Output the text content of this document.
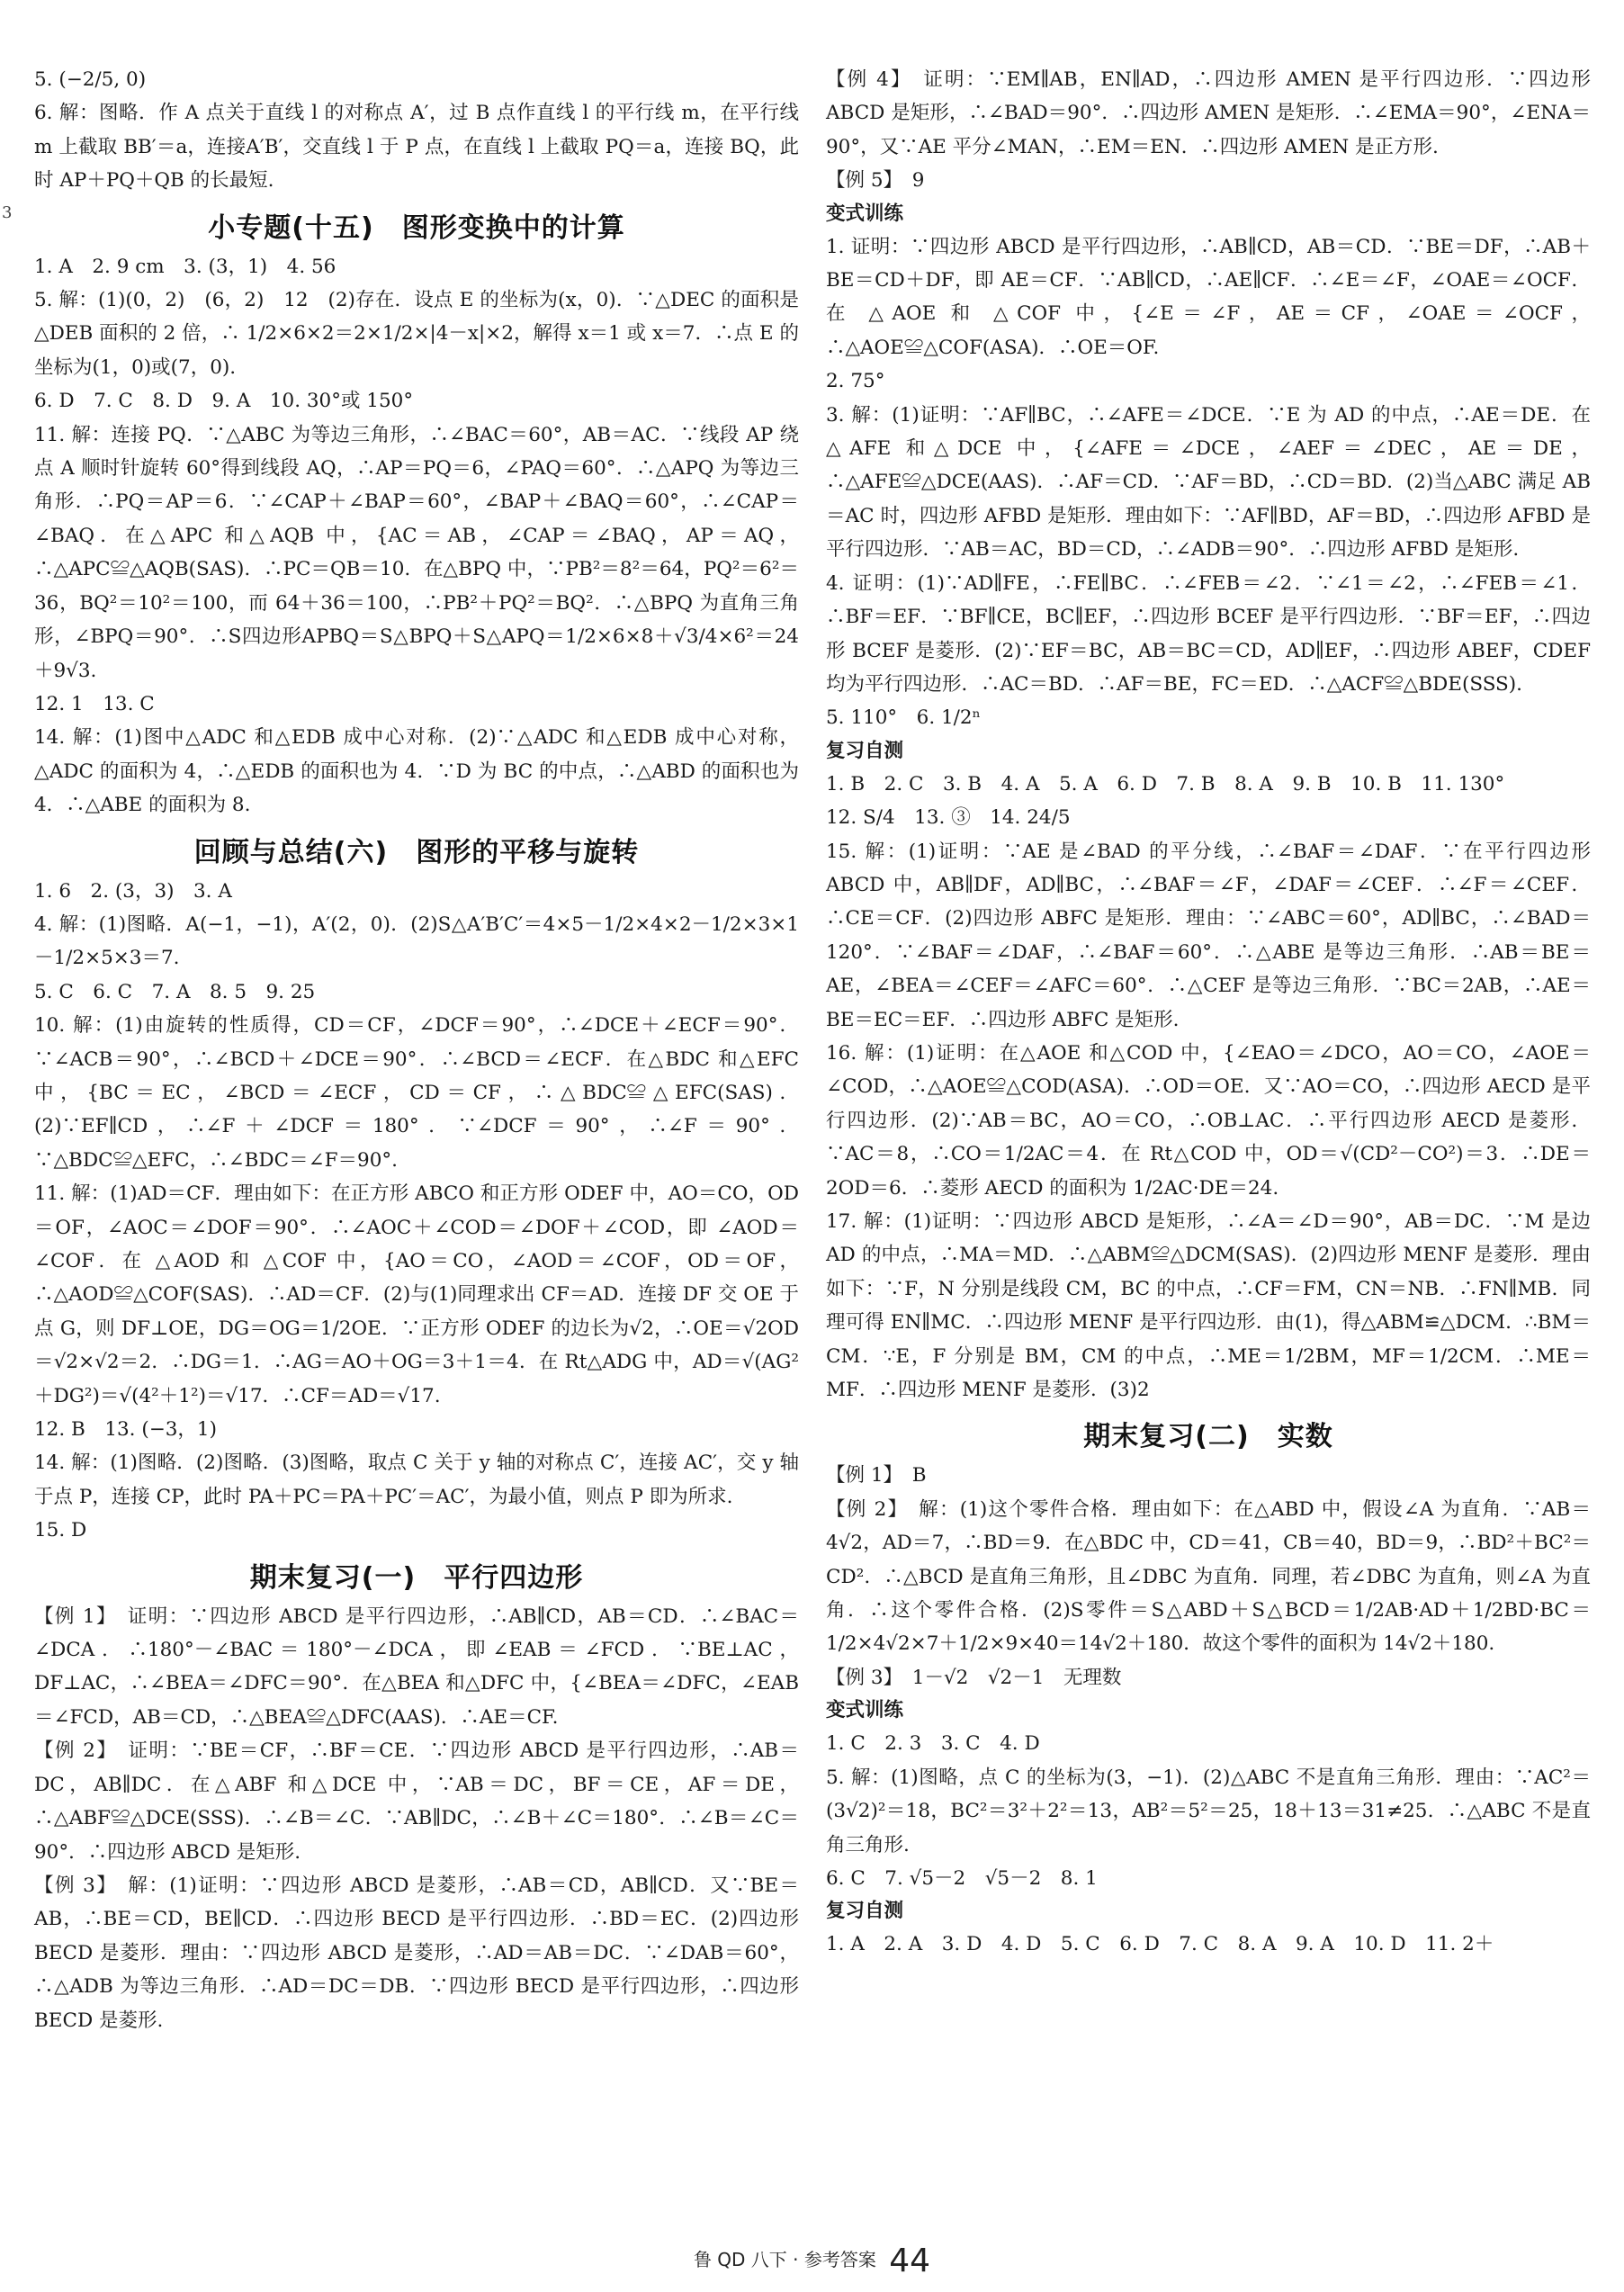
3

5. (−2/5, 0)

6. 解：图略．作 A 点关于直线 l 的对称点 A′，过 B 点作直线 l 的平行线 m，在平行线 m 上截取 BB′＝a，连接A′B′，交直线 l 于 P 点，在直线 l 上截取 PQ＝a，连接 BQ，此时 AP＋PQ＋QB 的长最短.

小专题(十五)　图形变换中的计算

1. A　2. 9 cm　3. (3，1)　4. 56

5. 解：(1)(0，2)　(6，2)　12　(2)存在．设点 E 的坐标为(x，0)．∵△DEC 的面积是△DEB 面积的 2 倍，∴ 1/2×6×2＝2×1/2×|4－x|×2，解得 x＝1 或 x＝7．∴点 E 的坐标为(1，0)或(7，0).

6. D　7. C　8. D　9. A　10. 30°或 150°

11. 解：连接 PQ．∵△ABC 为等边三角形，∴∠BAC＝60°，AB＝AC．∵线段 AP 绕点 A 顺时针旋转 60°得到线段 AQ，∴AP＝PQ＝6，∠PAQ＝60°．∴△APQ 为等边三角形．∴PQ＝AP＝6．∵∠CAP＋∠BAP＝60°，∠BAP＋∠BAQ＝60°，∴∠CAP＝∠BAQ．在△APC 和△AQB 中，{AC＝AB，∠CAP＝∠BAQ，AP＝AQ，∴△APC≌△AQB(SAS)．∴PC＝QB＝10．在△BPQ 中，∵PB²＝8²＝64，PQ²＝6²＝36，BQ²＝10²＝100，而 64＋36＝100，∴PB²＋PQ²＝BQ²．∴△BPQ 为直角三角形，∠BPQ＝90°．∴S四边形APBQ＝S△BPQ＋S△APQ＝1/2×6×8＋√3/4×6²＝24＋9√3.

12. 1　13. C

14. 解：(1)图中△ADC 和△EDB 成中心对称．(2)∵△ADC 和△EDB 成中心对称，△ADC 的面积为 4，∴△EDB 的面积也为 4．∵D 为 BC 的中点，∴△ABD 的面积也为 4．∴△ABE 的面积为 8.

回顾与总结(六)　图形的平移与旋转

1. 6　2. (3，3)　3. A

4. 解：(1)图略．A(−1，−1)，A′(2，0)．(2)S△A′B′C′＝4×5－1/2×4×2－1/2×3×1－1/2×5×3＝7.

5. C　6. C　7. A　8. 5　9. 25

10. 解：(1)由旋转的性质得，CD＝CF，∠DCF＝90°，∴∠DCE＋∠ECF＝90°．∵∠ACB＝90°，∴∠BCD＋∠DCE＝90°．∴∠BCD＝∠ECF．在△BDC 和△EFC 中，{BC＝EC，∠BCD＝∠ECF，CD＝CF，∴△BDC≌△EFC(SAS)．(2)∵EF∥CD，∴∠F＋∠DCF＝180°．∵∠DCF＝90°，∴∠F＝90°．∵△BDC≌△EFC，∴∠BDC＝∠F＝90°.

11. 解：(1)AD＝CF．理由如下：在正方形 ABCO 和正方形 ODEF 中，AO＝CO，OD＝OF，∠AOC＝∠DOF＝90°．∴∠AOC＋∠COD＝∠DOF＋∠COD，即 ∠AOD＝∠COF．在 △AOD 和 △COF 中，{AO＝CO，∠AOD＝∠COF，OD＝OF，∴△AOD≌△COF(SAS)．∴AD＝CF．(2)与(1)同理求出 CF＝AD．连接 DF 交 OE 于点 G，则 DF⊥OE，DG＝OG＝1/2OE．∵正方形 ODEF 的边长为√2，∴OE＝√2OD＝√2×√2＝2．∴DG＝1．∴AG＝AO＋OG＝3＋1＝4．在 Rt△ADG 中，AD＝√(AG²＋DG²)＝√(4²＋1²)＝√17．∴CF＝AD＝√17.

12. B　13. (−3，1)

14. 解：(1)图略．(2)图略．(3)图略，取点 C 关于 y 轴的对称点 C′，连接 AC′，交 y 轴于点 P，连接 CP，此时 PA＋PC＝PA＋PC′＝AC′，为最小值，则点 P 即为所求.

15. D

期末复习(一)　平行四边形

【例 1】　证明：∵四边形 ABCD 是平行四边形，∴AB∥CD，AB＝CD．∴∠BAC＝∠DCA．∴180°－∠BAC＝180°－∠DCA，即∠EAB＝∠FCD．∵BE⊥AC，DF⊥AC，∴∠BEA＝∠DFC＝90°．在△BEA 和△DFC 中，{∠BEA＝∠DFC，∠EAB＝∠FCD，AB＝CD，∴△BEA≌△DFC(AAS)．∴AE＝CF.

【例 2】　证明：∵BE＝CF，∴BF＝CE．∵四边形 ABCD 是平行四边形，∴AB＝DC，AB∥DC．在△ABF 和△DCE 中，∵AB＝DC，BF＝CE，AF＝DE，∴△ABF≌△DCE(SSS)．∴∠B＝∠C．∵AB∥DC，∴∠B＋∠C＝180°．∴∠B＝∠C＝90°．∴四边形 ABCD 是矩形.

【例 3】　解：(1)证明：∵四边形 ABCD 是菱形，∴AB＝CD，AB∥CD．又∵BE＝AB，∴BE＝CD，BE∥CD．∴四边形 BECD 是平行四边形．∴BD＝EC．(2)四边形 BECD 是菱形．理由：∵四边形 ABCD 是菱形，∴AD＝AB＝DC．∵∠DAB＝60°，∴△ADB 为等边三角形．∴AD＝DC＝DB．∵四边形 BECD 是平行四边形，∴四边形 BECD 是菱形.

【例 4】　证明：∵EM∥AB，EN∥AD，∴四边形 AMEN 是平行四边形．∵四边形 ABCD 是矩形，∴∠BAD＝90°．∴四边形 AMEN 是矩形．∴∠EMA＝90°，∠ENA＝90°，又∵AE 平分∠MAN，∴EM＝EN．∴四边形 AMEN 是正方形.

【例 5】　9

变式训练

1. 证明：∵四边形 ABCD 是平行四边形，∴AB∥CD，AB＝CD．∵BE＝DF，∴AB＋BE＝CD＋DF，即 AE＝CF．∵AB∥CD，∴AE∥CF．∴∠E＝∠F，∠OAE＝∠OCF．在 △AOE 和 △COF 中，{∠E＝∠F，AE＝CF，∠OAE＝∠OCF，∴△AOE≌△COF(ASA)．∴OE＝OF.

2. 75°

3. 解：(1)证明：∵AF∥BC，∴∠AFE＝∠DCE．∵E 为 AD 的中点，∴AE＝DE．在△AFE 和△DCE 中，{∠AFE＝∠DCE，∠AEF＝∠DEC，AE＝DE，∴△AFE≌△DCE(AAS)．∴AF＝CD．∵AF＝BD，∴CD＝BD．(2)当△ABC 满足 AB＝AC 时，四边形 AFBD 是矩形．理由如下：∵AF∥BD，AF＝BD，∴四边形 AFBD 是平行四边形．∵AB＝AC，BD＝CD，∴∠ADB＝90°．∴四边形 AFBD 是矩形.

4. 证明：(1)∵AD∥FE，∴FE∥BC．∴∠FEB＝∠2．∵∠1＝∠2，∴∠FEB＝∠1．∴BF＝EF．∵BF∥CE，BC∥EF，∴四边形 BCEF 是平行四边形．∵BF＝EF，∴四边形 BCEF 是菱形．(2)∵EF＝BC，AB＝BC＝CD，AD∥EF，∴四边形 ABEF，CDEF 均为平行四边形．∴AC＝BD．∴AF＝BE，FC＝ED．∴△ACF≌△BDE(SSS).

5. 110°　6. 1/2ⁿ

复习自测

1. B　2. C　3. B　4. A　5. A　6. D　7. B　8. A　9. B　10. B　11. 130°

12. S/4　13. ③　14. 24/5

15. 解：(1)证明：∵AE 是∠BAD 的平分线，∴∠BAF＝∠DAF．∵在平行四边形 ABCD 中，AB∥DF，AD∥BC，∴∠BAF＝∠F，∠DAF＝∠CEF．∴∠F＝∠CEF．∴CE＝CF．(2)四边形 ABFC 是矩形．理由：∵∠ABC＝60°，AD∥BC，∴∠BAD＝120°．∵∠BAF＝∠DAF，∴∠BAF＝60°．∴△ABE 是等边三角形．∴AB＝BE＝AE，∠BEA＝∠CEF＝∠AFC＝60°．∴△CEF 是等边三角形．∵BC＝2AB，∴AE＝BE＝EC＝EF．∴四边形 ABFC 是矩形.

16. 解：(1)证明：在△AOE 和△COD 中，{∠EAO＝∠DCO，AO＝CO，∠AOE＝∠COD，∴△AOE≌△COD(ASA)．∴OD＝OE．又∵AO＝CO，∴四边形 AECD 是平行四边形．(2)∵AB＝BC，AO＝CO，∴OB⊥AC．∴平行四边形 AECD 是菱形．∵AC＝8，∴CO＝1/2AC＝4．在 Rt△COD 中，OD＝√(CD²－CO²)＝3．∴DE＝2OD＝6．∴菱形 AECD 的面积为 1/2AC·DE＝24.

17. 解：(1)证明：∵四边形 ABCD 是矩形，∴∠A＝∠D＝90°，AB＝DC．∵M 是边 AD 的中点，∴MA＝MD．∴△ABM≌△DCM(SAS)．(2)四边形 MENF 是菱形．理由如下：∵F，N 分别是线段 CM，BC 的中点，∴CF＝FM，CN＝NB．∴FN∥MB．同理可得 EN∥MC．∴四边形 MENF 是平行四边形．由(1)，得△ABM≌△DCM．∴BM＝CM．∵E，F 分别是 BM，CM 的中点，∴ME＝1/2BM，MF＝1/2CM．∴ME＝MF．∴四边形 MENF 是菱形．(3)2

期末复习(二)　实数

【例 1】　B

【例 2】　解：(1)这个零件合格．理由如下：在△ABD 中，假设∠A 为直角．∵AB＝4√2，AD＝7，∴BD＝9．在△BDC 中，CD＝41，CB＝40，BD＝9，∴BD²＋BC²＝CD²．∴△BCD 是直角三角形，且∠DBC 为直角．同理，若∠DBC 为直角，则∠A 为直角．∴这个零件合格．(2)S零件＝S△ABD＋S△BCD＝1/2AB·AD＋1/2BD·BC＝1/2×4√2×7＋1/2×9×40＝14√2＋180．故这个零件的面积为 14√2＋180.

【例 3】　1－√2　√2－1　无理数

变式训练

1. C　2. 3　3. C　4. D

5. 解：(1)图略，点 C 的坐标为(3，−1)．(2)△ABC 不是直角三角形．理由：∵AC²＝(3√2)²＝18，BC²＝3²＋2²＝13，AB²＝5²＝25，18＋13＝31≠25．∴△ABC 不是直角三角形.

6. C　7. √5－2　√5－2　8. 1

复习自测

1. A　2. A　3. D　4. D　5. C　6. D　7. C　8. A　9. A　10. D　11. 2＋

鲁 QD 八下 · 参考答案 44
